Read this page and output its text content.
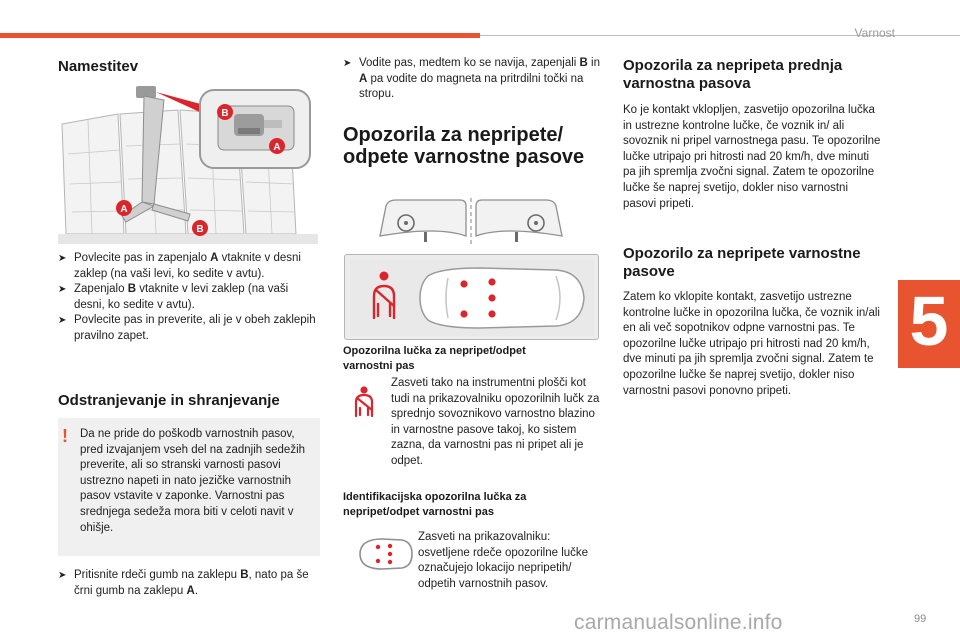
Varnost
5
Namestitev
B
A
A
B
➤ Povlecite pas in zapenjalo A vtaknite v desni zaklep (na vaši levi, ko sedite v avtu).
➤ Zapenjalo B vtaknite v levi zaklep (na vaši desni, ko sedite v avtu).
➤ Povlecite pas in preverite, ali je v obeh zaklepih pravilno zapet.
Odstranjevanje in shranjevanje
! Da ne pride do poškodb varnostnih pasov, pred izvajanjem vseh del na zadnjih sedežih preverite, ali so stranski varnosti pasovi ustrezno napeti in nato jezičke varnostnih pasov vstavite v zaponke. Varnostni pas srednjega sedeža mora biti v celoti navit v ohišje.
➤ Pritisnite rdeči gumb na zaklepu B, nato pa še črni gumb na zaklepu A.
➤ Vodite pas, medtem ko se navija, zapenjali B in A pa vodite do magneta na pritrdilni točki na stropu.
Opozorila za nepripete/
odpete varnostne pasove
Opozorilna lučka za nepripet/odpet varnostni pas
Zasveti tako na instrumentni plošči kot tudi na prikazovalniku opozorilnih lučk za sprednjo sovoznikovo varnostno blazino in varnostne pasove takoj, ko sistem zazna, da varnostni pas ni pripet ali je odpet.
Identifikacijska opozorilna lučka za nepripet/odpet varnostni pas
Zasveti na prikazovalniku: osvetljene rdeče opozorilne lučke označujejo lokacijo nepripetih/ odpetih varnostnih pasov.
Opozorila za nepripeta prednja
varnostna pasova
Ko je kontakt vklopljen, zasvetijo opozorilna lučka in ustrezne kontrolne lučke, če voznik in/ ali sovoznik ni pripel varnostnega pasu. Te opozorilne lučke utripajo pri hitrosti nad 20 km/h, dve minuti pa jih spremlja zvočni signal. Zatem te opozorilne lučke še naprej svetijo, dokler niso varnostni pasovi pripeti.
Opozorilo za nepripete varnostne
pasove
Zatem ko vklopite kontakt, zasvetijo ustrezne kontrolne lučke in opozorilna lučka, če voznik in/ali en ali več sopotnikov odpne varnostni pas. Te opozorilne lučke utripajo pri hitrosti nad 20 km/h, dve minuti pa jih spremlja zvočni signal. Zatem te opozorilne lučke še naprej svetijo, dokler niso varnostni pasovi ponovno pripeti.
carmanualsonline.info	99
